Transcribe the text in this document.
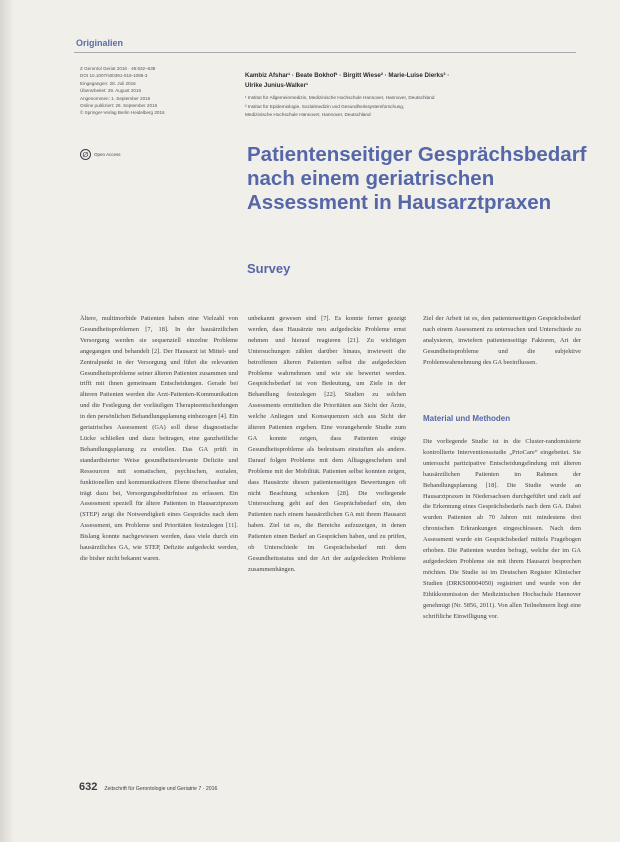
Originalien
Z Gerontol Geriat 2016 · 49:632–638
DOI 10.1007/s00391-016-1086-3
Eingegangen: 28. Juli 2016
Überarbeitet: 29. August 2016
Angenommen: 1. September 2016
Online publiziert: 26. September 2016
© Springer-Verlag Berlin Heidelberg 2016
∅	Open Access
Kambiz Afshar¹ · Beate Bokhof¹ · Birgitt Wiese² · Marie-Luise Dierks³ ·
Ulrike Junius-Walker¹
¹ Institut für Allgemeinmedizin, Medizinische Hochschule Hannover, Hannover, Deutschland
² Institut für Epidemiologie, Sozialmedizin und Gesundheitssystemforschung,
Medizinische Hochschule Hannover, Hannover, Deutschland
Patientenseitiger Gesprächsbedarf nach einem geriatrischen Assessment in Hausarztpraxen
Survey

Ältere, multimorbide Patienten haben eine Vielzahl von Gesundheitsproblemen [7, 18]. In der hausärztlichen Versorgung werden sie sequenziell einzelne Probleme angegangen und behandelt [2]. Der Hausarzt ist Mittel- und Zentralpunkt in der Versorgung und führt die relevanten Gesundheitsprobleme seiner älteren Patienten zusammen und trifft mit ihnen gemeinsam Entscheidungen. Gerade bei älteren Patienten werden die Arzt-Patienten-Kommunikation und die Festlegung der vorläufigen Therapieentscheidungen in den persönlichen Behandlungsplanung einbezogen [4]. Ein geriatrisches Assessment (GA) soll diese diagnostische Lücke schließen und dazu beitragen, eine ganzheitliche Behandlungsplanung zu erstellen. Das GA prüft in standardisierter Weise gesundheitsrelevante Defizite und Ressourcen mit somatischen, psychischen, sozialen, funktionellen und kommunikativen Ebene überschaubar und trägt dazu bei, Versorgungsbedürfnisse zu erfassen. Ein Assessment speziell für ältere Patienten in Hausarztpraxen (STEP) zeigt die Notwendigkeit eines Gesprächs nach dem Assessment, um Probleme und Prioritäten festzulegen [11]. Bislang konnte nachgewiesen werden, dass viele durch ein hausärztliches GA, wie STEP, Defizite aufgedeckt werden, die bisher nicht bekannt waren.

unbekannt gewesen sind [7]. Es konnte ferner gezeigt werden, dass Hausärzte neu aufgedeckte Probleme ernst nehmen und hierauf reagieren [21]. Zu wichtigen Untersuchungen zählen darüber hinaus, inwieweit die betroffenen älteren Patienten selbst die aufgedeckten Probleme wahrnehmen und wie sie bewertet werden. Gesprächsbedarf ist von Bedeutung, um Ziele in der Behandlung festzulegen [22]. Studien zu solchen Assessments ermittelten die Prioritäten aus Sicht der Ärzte, welche Anliegen und Konsequenzen sich aus Sicht der älteren Patienten ergeben. Eine vorangehende Studie zum GA konnte zeigen, dass Patienten einige Gesundheitsprobleme als bedeutsam einstuften als andere. Darauf folgen Probleme mit dem Alltagsgeschehen und Probleme mit der Mobilität. Patienten selbst konnten zeigen, dass Hausärzte diesen patientenseitigen Bewertungen oft nicht Beachtung schenken [28]. Die vorliegende Untersuchung geht auf den Gesprächsbedarf ein, den Patienten nach einem hausärztlichen GA mit ihrem Hausarzt haben. Ziel ist es, die Bereiche aufzuzeigen, in denen Patienten einen Bedarf an Gesprächen haben, und zu prüfen, ob Unterschiede im Gesprächsbedarf mit dem Gesundheitsstatus und der Art der aufgedeckten Probleme zusammenhängen.

Ziel der Arbeit ist es, den patientenseitigen Gesprächsbedarf nach einem Assessment zu untersuchen und Unterschiede zu analysieren, inwiefern patientenseitige Faktoren, Art der Gesundheitsprobleme und die subjektive Problemwahrnehmung des GA beeinflussen.

Material und Methoden

Die vorliegende Studie ist in die Cluster-randomisierte kontrollierte Interventionsstudie „PrioCare“ eingebettet. Sie untersucht partizipative Entscheidungsfindung mit älteren hausärztlichen Patienten im Rahmen der Behandlungsplanung [18]. Die Studie wurde an Hausarztpraxen in Niedersachsen durchgeführt und zielt auf die Erkennung eines Gesprächsbedarfs nach dem GA. Dabei wurden Patienten ab 70 Jahren mit mindestens drei chronischen Erkrankungen eingeschlossen. Nach dem Assessment wurde ein Gesprächsbedarf mittels Fragebogen erhoben. Die Patienten wurden befragt, welche der im GA aufgedeckten Probleme sie mit ihrem Hausarzt besprechen möchten. Die Studie ist im Deutschen Register Klinischer Studien (DRKS00004050) registriert und wurde von der Ethikkommission der Medizinischen Hochschule Hannover genehmigt (Nr. 5856, 2011). Von allen Teilnehmern liegt eine schriftliche Einwilligung vor.

632 Zeitschrift für Gerontologie und Geriatrie 7 · 2016
